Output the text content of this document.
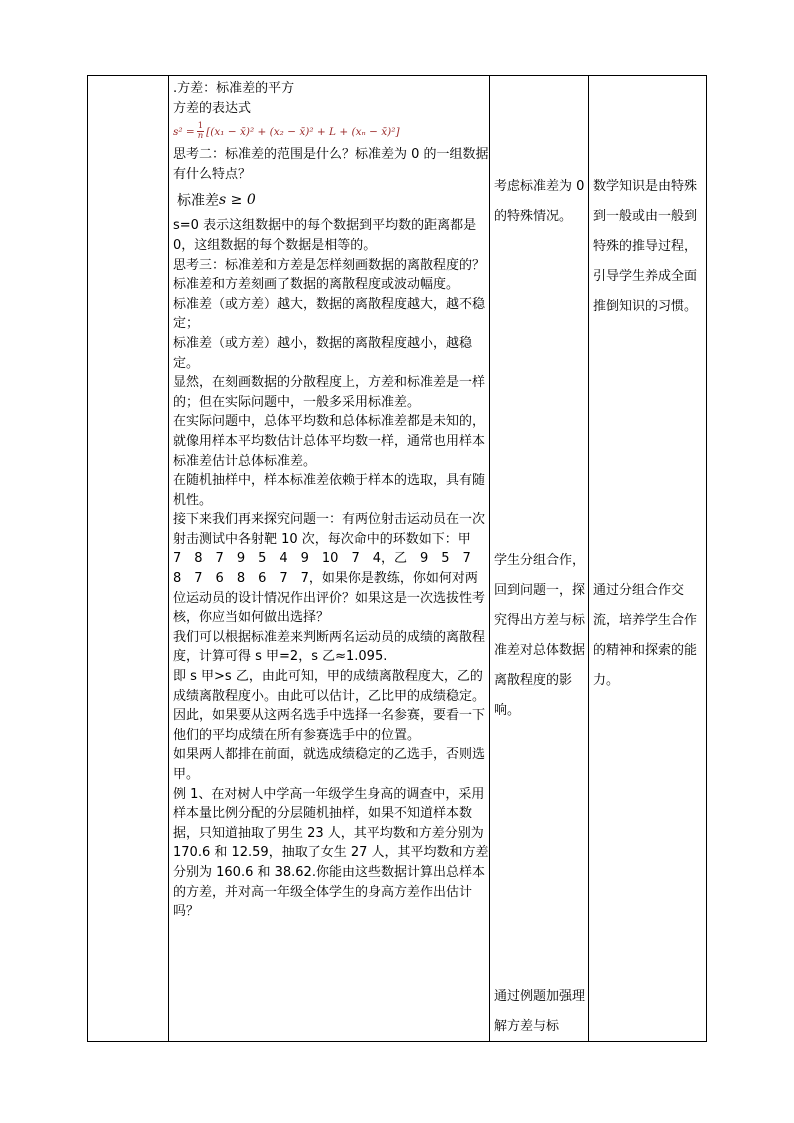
.方差：标准差的平方

方差的表达式

$s^2 = \frac{1}{n} [(x_1$ − x̄)² + (x₂ − x̄)² + L + (xₙ − x̄)²]

思考二：标准差的范围是什么？标准差为 0 的一组数据有什么特点？

标准差 s ≥ 0

s=0 表示这组数据中的每个数据到平均数的距离都是 0，这组数据的每个数据是相等的。

思考三：标准差和方差是怎样刻画数据的离散程度的？

标准差和方差刻画了数据的离散程度或波动幅度。

标准差（或方差）越大，数据的离散程度越大，越不稳定；

标准差（或方差）越小，数据的离散程度越小，越稳定。

显然，在刻画数据的分散程度上，方差和标准差是一样的；但在实际问题中，一般多采用标准差。

在实际问题中，总体平均数和总体标准差都是未知的，就像用样本平均数估计总体平均数一样，通常也用样本标准差估计总体标准差。

在随机抽样中，样本标准差依赖于样本的选取，具有随机性。

接下来我们再来探究问题一：有两位射击运动员在一次射击测试中各射靶 10 次，每次命中的环数如下：甲　7　8　7　9　5　4　9　10　7　4，乙　9　5　7　8　7　6　8　6　7　7，如果你是教练，你如何对两位运动员的设计情况作出评价？如果这是一次选拔性考核，你应当如何做出选择？

我们可以根据标准差来判断两名运动员的成绩的离散程度，计算可得 s 甲=2，s 乙≈1.095.

即 s 甲>s 乙，由此可知，甲的成绩离散程度大，乙的成绩离散程度小。由此可以估计，乙比甲的成绩稳定。

因此，如果要从这两名选手中选择一名参赛，要看一下他们的平均成绩在所有参赛选手中的位置。

如果两人都排在前面，就选成绩稳定的乙选手，否则选甲。

例 1、在对树人中学高一年级学生身高的调查中，采用样本量比例分配的分层随机抽样，如果不知道样本数据，只知道抽取了男生 23 人，其平均数和方差分别为 170.6 和 12.59，抽取了女生 27 人，其平均数和方差分别为 160.6 和 38.62.你能由这些数据计算出总样本的方差，并对高一年级全体学生的身高方差作出估计吗？

考虑标准差为 0 的特殊情况。
学生分组合作，回到问题一，探究得出方差与标准差对总体数据离散程度的影响。
通过例题加强理解方差与标
数学知识是由特殊到一般或由一般到特殊的推导过程，引导学生养成全面推倒知识的习惯。
通过分组合作交流，培养学生合作的精神和探索的能力。
